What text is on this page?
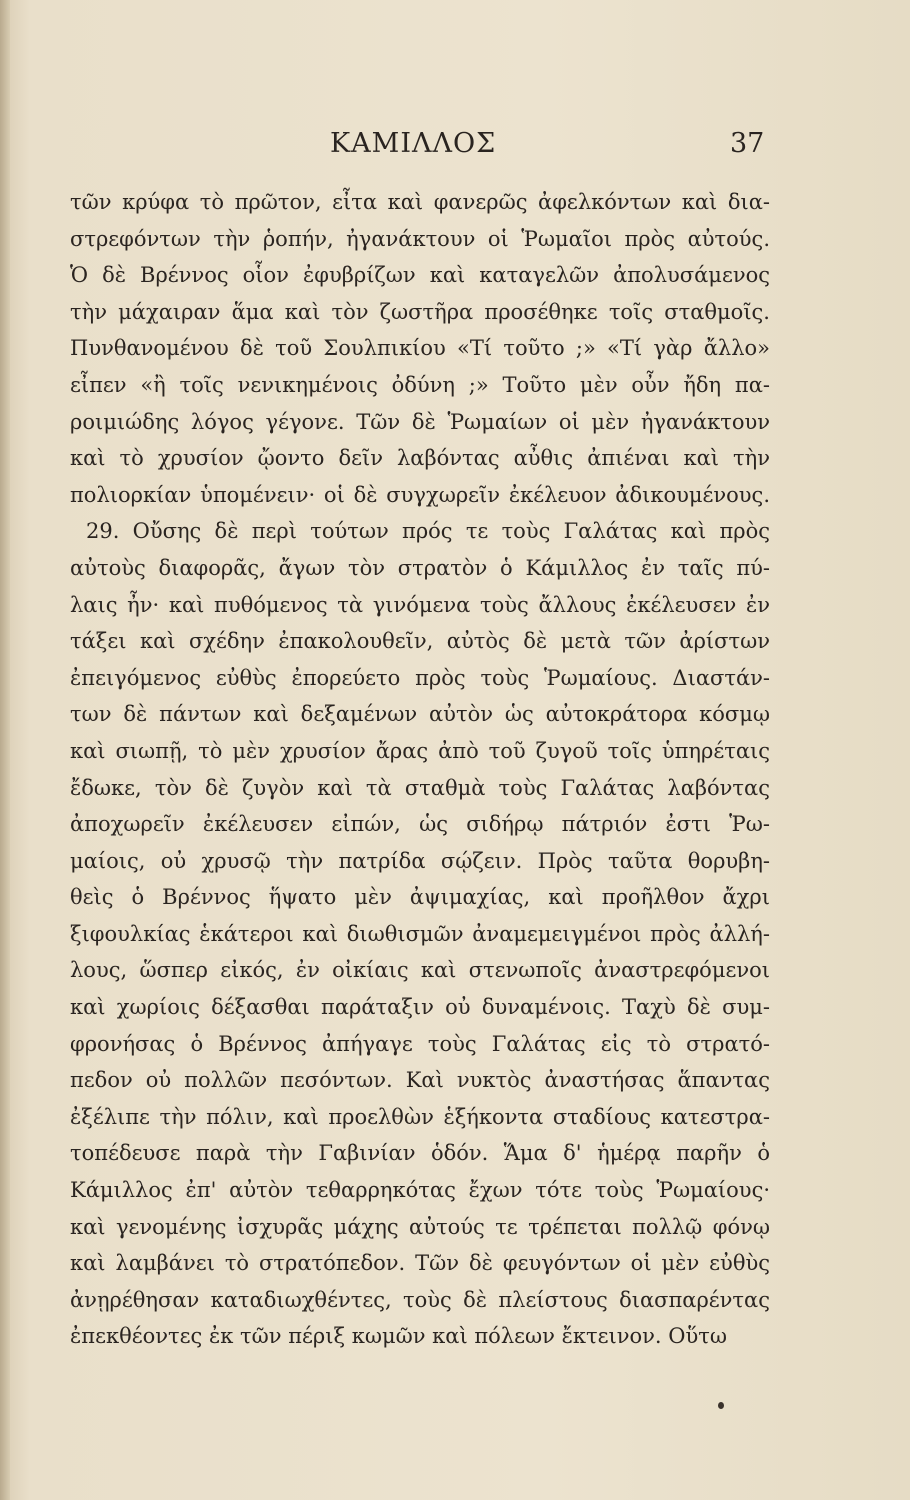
ΚΑΜΙΛΛΟΣ	37
τῶν κρύφα τὸ πρῶτον, εἶτα καὶ φανερῶς ἀφελκόντων καὶ δια-
στρεφόντων τὴν ῥοπήν, ἠγανάκτουν οἱ Ῥωμαῖοι πρὸς αὐτούς.
Ὁ δὲ Βρέννος οἷον ἐφυβρίζων καὶ καταγελῶν ἀπολυσάμενος
τὴν μάχαιραν ἅμα καὶ τὸν ζωστῆρα προσέθηκε τοῖς σταθμοῖς.
Πυνθανομένου δὲ τοῦ Σουλπικίου «Τί τοῦτο ;» «Τί γὰρ ἄλλο»
εἶπεν «ἢ τοῖς νενικημένοις ὀδύνη ;» Τοῦτο μὲν οὖν ἤδη πα-
ροιμιώδης λόγος γέγονε. Τῶν δὲ Ῥωμαίων οἱ μὲν ἠγανάκτουν
καὶ τὸ χρυσίον ᾤοντο δεῖν λαβόντας αὖθις ἀπιέναι καὶ τὴν
πολιορκίαν ὑπομένειν· οἱ δὲ συγχωρεῖν ἐκέλευον ἀδικουμένους.
29. Οὔσης δὲ περὶ τούτων πρός τε τοὺς Γαλάτας καὶ πρὸς
αὐτοὺς διαφορᾶς, ἄγων τὸν στρατὸν ὁ Κάμιλλος ἐν ταῖς πύ-
λαις ἦν· καὶ πυθόμενος τὰ γινόμενα τοὺς ἄλλους ἐκέλευσεν ἐν
τάξει καὶ σχέδην ἐπακολουθεῖν, αὐτὸς δὲ μετὰ τῶν ἀρίστων
ἐπειγόμενος εὐθὺς ἐπορεύετο πρὸς τοὺς Ῥωμαίους. Διαστάν-
των δὲ πάντων καὶ δεξαμένων αὐτὸν ὡς αὐτοκράτορα κόσμῳ
καὶ σιωπῇ, τὸ μὲν χρυσίον ἄρας ἀπὸ τοῦ ζυγοῦ τοῖς ὑπηρέταις
ἔδωκε, τὸν δὲ ζυγὸν καὶ τὰ σταθμὰ τοὺς Γαλάτας λαβόντας
ἀποχωρεῖν ἐκέλευσεν εἰπών, ὡς σιδήρῳ πάτριόν ἐστι Ῥω-
μαίοις, οὐ χρυσῷ τὴν πατρίδα σῴζειν. Πρὸς ταῦτα θορυβη-
θεὶς ὁ Βρέννος ἥψατο μὲν ἀψιμαχίας, καὶ προῆλθον ἄχρι
ξιφουλκίας ἑκάτεροι καὶ διωθισμῶν ἀναμεμειγμένοι πρὸς ἀλλή-
λους, ὥσπερ εἰκός, ἐν οἰκίαις καὶ στενωποῖς ἀναστρεφόμενοι
καὶ χωρίοις δέξασθαι παράταξιν οὐ δυναμένοις. Ταχὺ δὲ συμ-
φρονήσας ὁ Βρέννος ἀπήγαγε τοὺς Γαλάτας εἰς τὸ στρατό-
πεδον οὐ πολλῶν πεσόντων. Καὶ νυκτὸς ἀναστήσας ἅπαντας
ἐξέλιπε τὴν πόλιν, καὶ προελθὼν ἑξήκοντα σταδίους κατεστρα-
τοπέδευσε παρὰ τὴν Γαβινίαν ὁδόν. Ἅμα δ' ἡμέρᾳ παρῆν ὁ
Κάμιλλος ἐπ' αὐτὸν τεθαρρηκότας ἔχων τότε τοὺς Ῥωμαίους·
καὶ γενομένης ἰσχυρᾶς μάχης αὐτούς τε τρέπεται πολλῷ φόνῳ
καὶ λαμβάνει τὸ στρατόπεδον. Τῶν δὲ φευγόντων οἱ μὲν εὐθὺς
ἀνῃρέθησαν καταδιωχθέντες, τοὺς δὲ πλείστους διασπαρέντας
ἐπεκθέοντες ἐκ τῶν πέριξ κωμῶν καὶ πόλεων ἔκτεινον. Οὕτω
